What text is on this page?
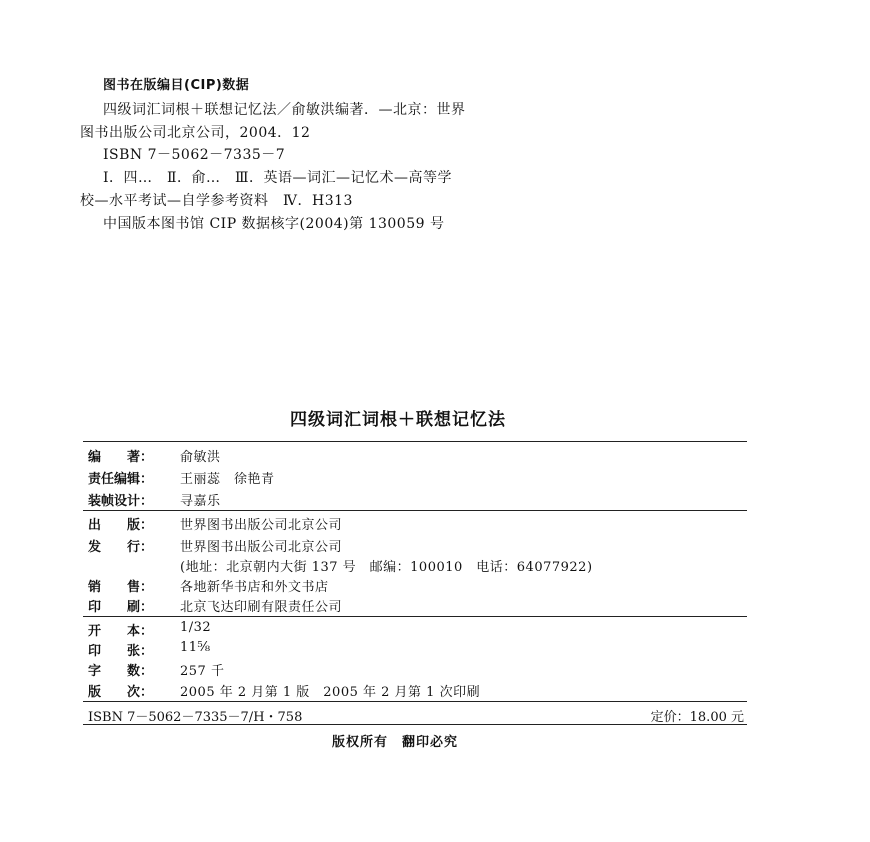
图书在版编目(CIP)数据
四级词汇词根＋联想记忆法／俞敏洪编著．—北京：世界
图书出版公司北京公司，2004．12
ISBN 7－5062－7335－7
Ⅰ．四…　Ⅱ．俞…　Ⅲ．英语—词汇—记忆术—高等学
校—水平考试—自学参考资料　Ⅳ．H313
中国版本图书馆 CIP 数据核字(2004)第 130059 号
四级词汇词根＋联想记忆法
编　　著：	俞敏洪
责任编辑：	王丽蕊　徐艳青
装帧设计：	寻嘉乐
出　　版：	世界图书出版公司北京公司
发　　行：	世界图书出版公司北京公司
(地址：北京朝内大街 137 号　邮编：100010　电话：64077922)
销　　售：	各地新华书店和外文书店
印　　刷：	北京飞达印刷有限责任公司
开　　本：	1/32
印　　张：	11⅝
字　　数：	257 千
版　　次：	2005 年 2 月第 1 版　2005 年 2 月第 1 次印刷
ISBN 7－5062－7335－7/H・758	定价：18.00 元
版权所有　翻印必究
